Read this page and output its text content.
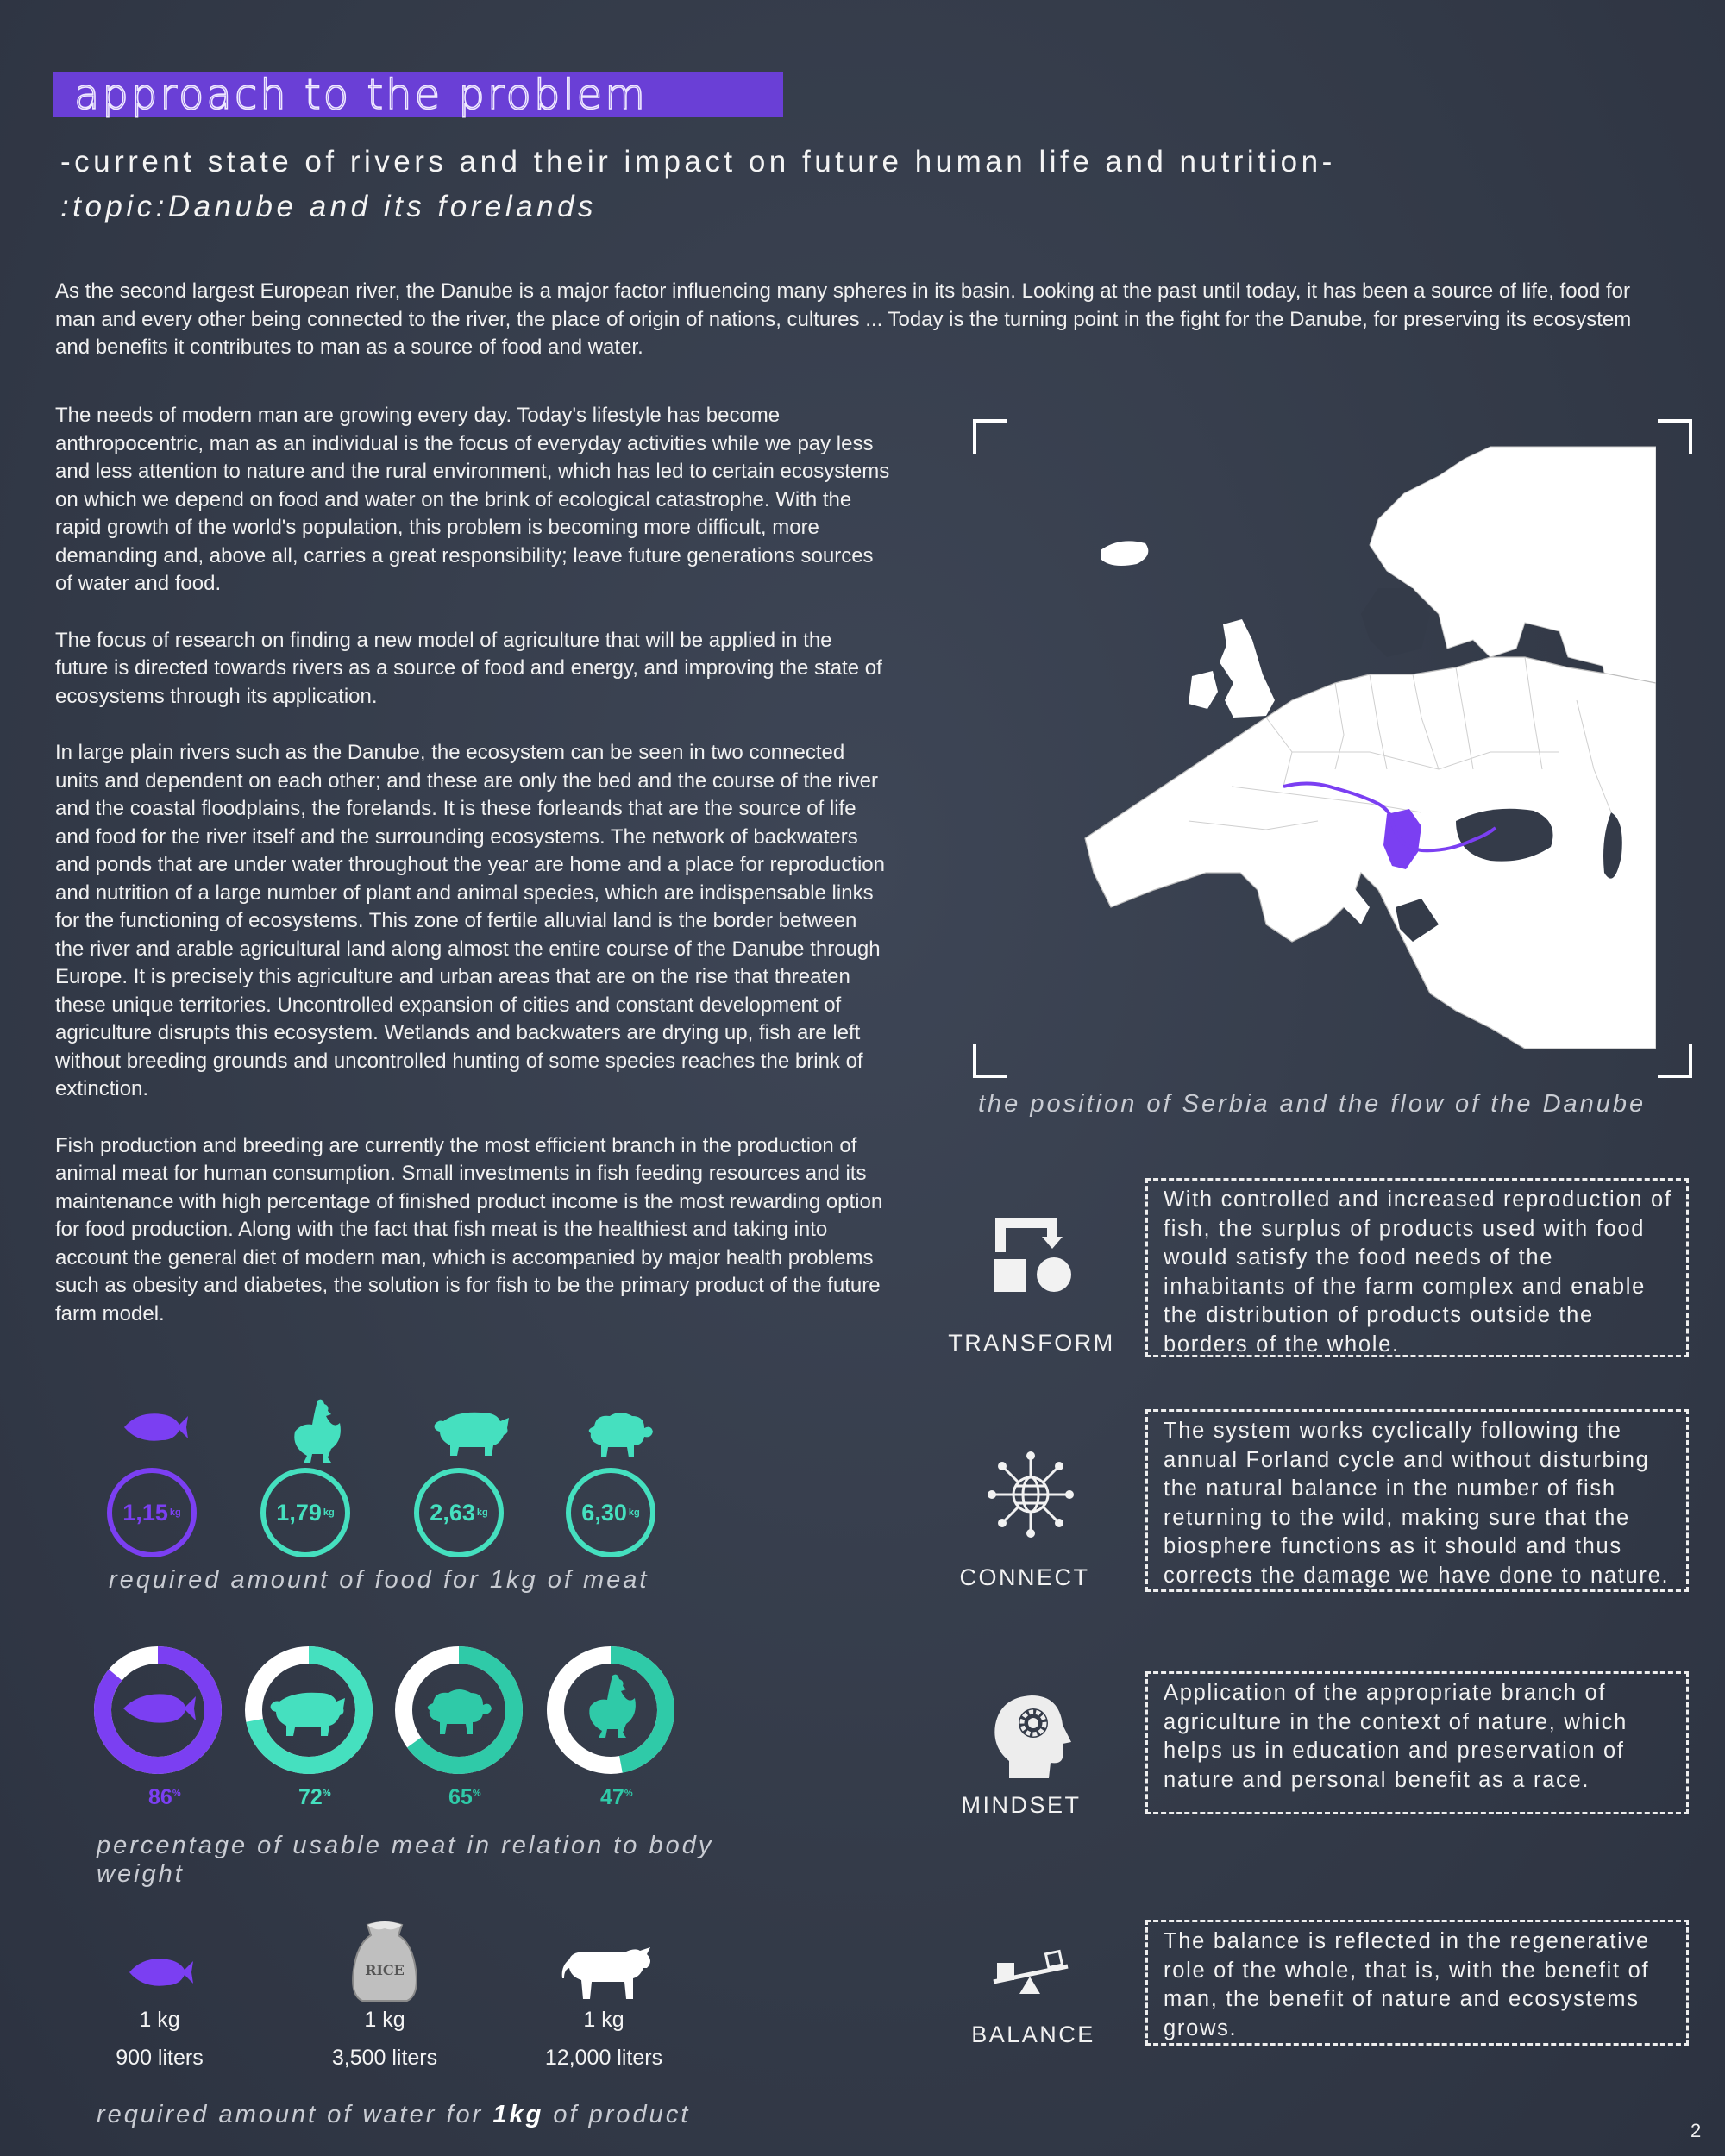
approach to the problem
-current state of rivers and their impact on future human life and nutrition-
:topic:Danube and its forelands
As the second largest European river, the Danube is a major factor influencing many spheres in its basin. Looking at the past until today, it has been a source of life, food for man and every other being connected to the river, the place of origin of nations, cultures ... Today is the turning point in the fight for the Danube, for preserving its ecosystem and benefits it contributes to man as a source of food and water.

The needs of modern man are growing every day. Today's lifestyle has become anthropocentric, man as an individual is the focus of everyday activities while we pay less and less attention to nature and the rural environment, which has led to certain ecosystems on which we depend on food and water on the brink of ecological catastrophe. With the rapid growth of the world's population, this problem is becoming more difficult, more demanding and, above all, carries a great responsibility; leave future generations sources of water and food.

The focus of research on finding a new model of agriculture that will be applied in the future is directed towards rivers as a source of food and energy, and improving the state of ecosystems through its application.

In large plain rivers such as the Danube, the ecosystem can be seen in two connected units and dependent on each other; and these are only the bed and the course of the river and the coastal floodplains, the forelands. It is these forleands that are the source of life and food for the river itself and the surrounding ecosystems. The network of backwaters and ponds that are under water throughout the year are home and a place for reproduction and nutrition of a large number of plant and animal species, which are indispensable links for the functioning of ecosystems. This zone of fertile alluvial land is the border between the river and arable agricultural land along almost the entire course of the Danube through Europe. It is precisely this agriculture and urban areas that are on the rise that threaten these unique territories. Uncontrolled expansion of cities and constant development of agriculture disrupts this ecosystem. Wetlands and backwaters are drying up, fish are left without breeding grounds and uncontrolled hunting of some species reaches the brink of extinction.

Fish production and breeding are currently the most efficient branch in the production of animal meat for human consumption. Small investments in fish feeding resources and its maintenance with high percentage of finished product income is the most rewarding option for food production. Along with the fact that fish meat is the healthiest and taking into account the general diet of modern man, which is accompanied by major health problems such as obesity and diabetes, the solution is for fish to be the primary product of the future farm model.

1,15 kg	1,79 kg	2,63 kg	6,30 kg
required amount of food for 1kg of meat
86%	72%	65%	47%
percentage of usable meat in relation to body weight
RICE
1 kg	1 kg	1 kg
900 liters	3,500 liters	12,000 liters
required amount of water for 1kg of product
the position of Serbia and the flow of the Danube
TRANSFORM
With controlled and increased reproduction of fish, the surplus of products used with food would satisfy the food needs of the inhabitants of the farm complex and enable the distribution of products outside the borders of the whole.
CONNECT
The system works cyclically following the annual Forland cycle and without disturbing the natural balance in the number of fish returning to the wild, making sure that the biosphere functions as it should and thus corrects the damage we have done to nature.
MINDSET
Application of the appropriate branch of agriculture in the context of nature, which helps us in education and preservation of nature and personal benefit as a race.
BALANCE
The balance is reflected in the regenerative role of the whole, that is, with the benefit of man, the benefit of nature and ecosystems grows.
2
